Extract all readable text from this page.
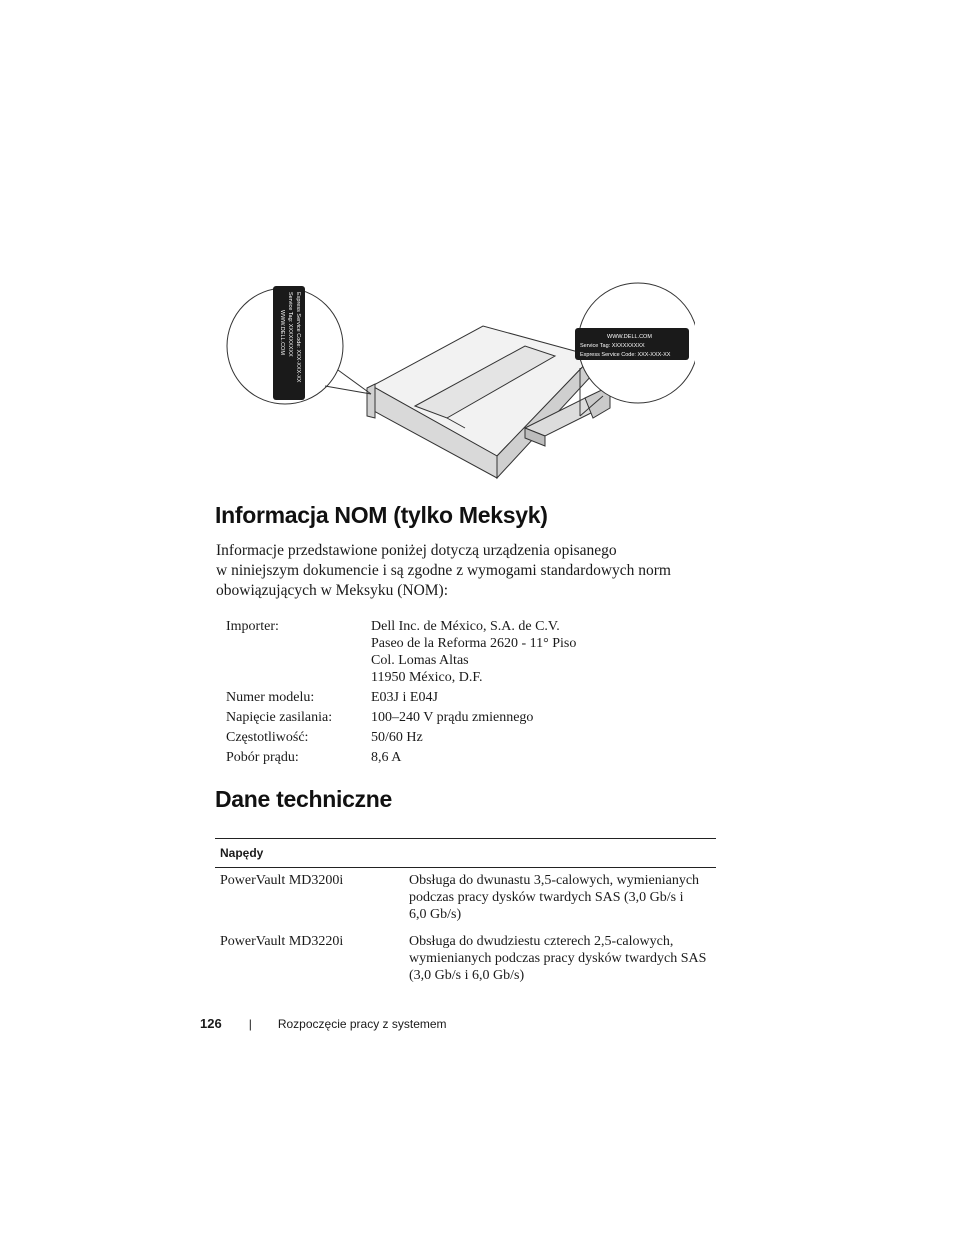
WWW.DELL.COM Service Tag: XXXXXXXXX Express Service Code: XXX-XXX-XX	WWW.DELL.COM
Service Tag: XXXXXXXXX
Express Service Code: XXX-XXX-XX
Informacja NOM (tylko Meksyk)

Informacje przedstawione poniżej dotyczą urządzenia opisanego

w niniejszym dokumencie i są zgodne z wymogami standardowych norm

obowiązujących w Meksyku (NOM):

Importer:	Dell Inc. de México, S.A. de C.V.
Paseo de la Reforma 2620 - 11° Piso
Col. Lomas Altas
11950 México, D.F.
Numer modelu:	E03J i E04J
Napięcie zasilania:	100–240 V prądu zmiennego
Częstotliwość:	50/60 Hz
Pobór prądu:	8,6 A
Dane techniczne
Napędy
PowerVault MD3200i	Obsługa do dwunastu 3,5-calowych, wymienianych
podczas pracy dysków twardych SAS (3,0 Gb/s i
6,0 Gb/s)
PowerVault MD3220i	Obsługa do dwudziestu czterech 2,5-calowych,
wymienianych podczas pracy dysków twardych SAS
(3,0 Gb/s i 6,0 Gb/s)
126 | Rozpoczęcie pracy z systemem
